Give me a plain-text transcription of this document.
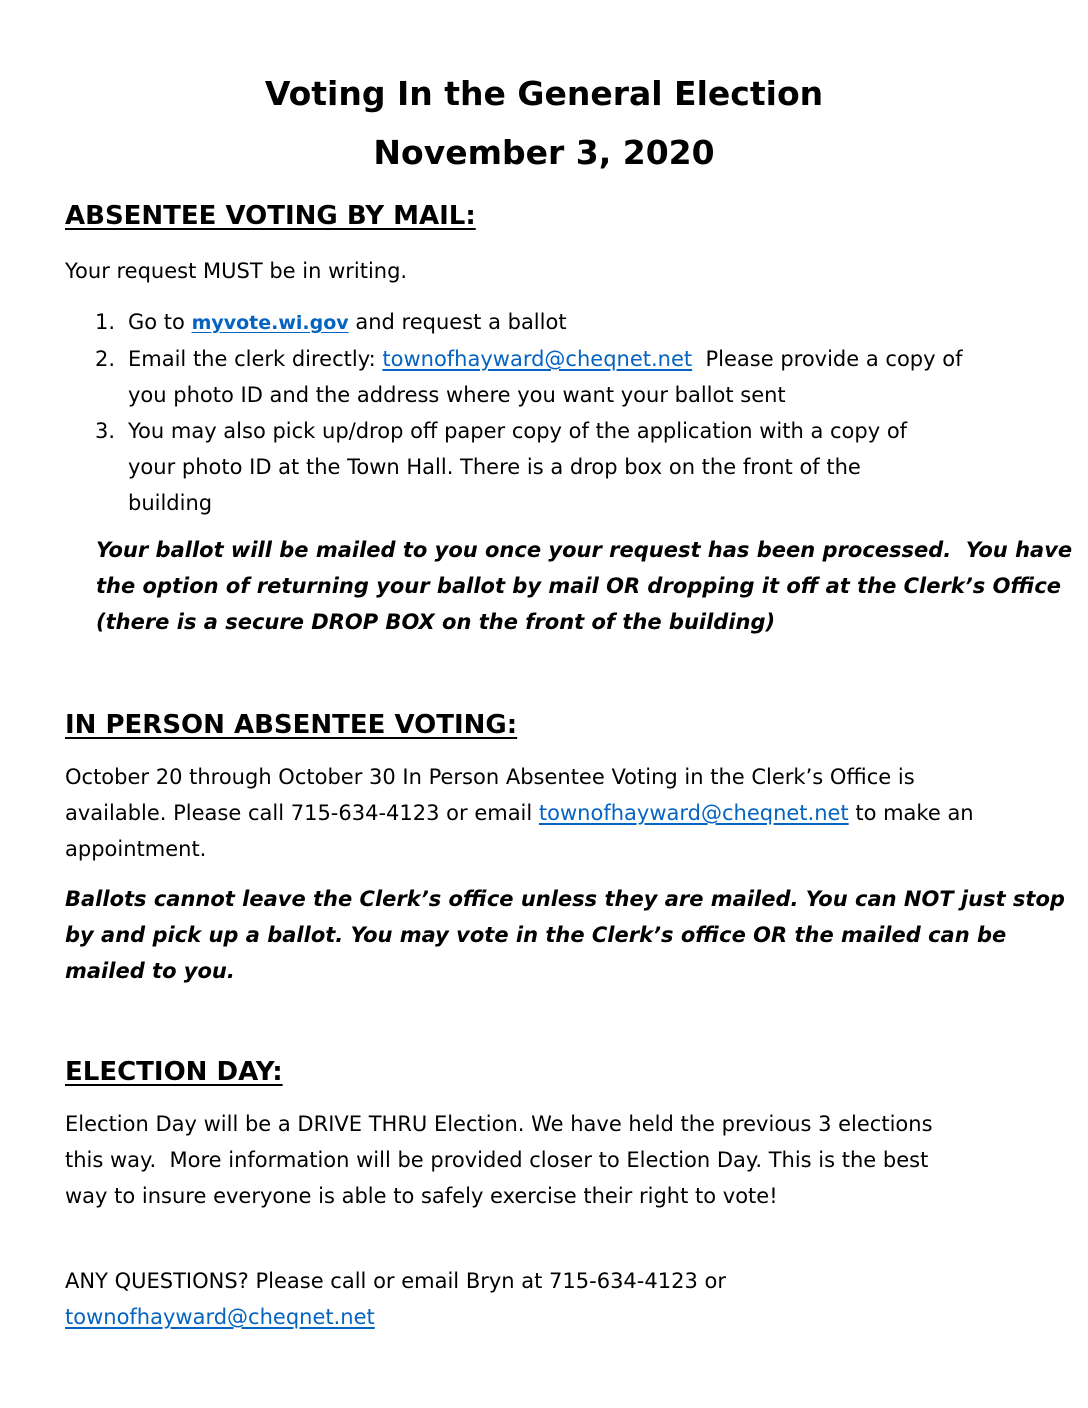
Voting In the General Election
November 3, 2020
ABSENTEE VOTING BY MAIL:

Your request MUST be in writing.

1. Go to myvote.wi.gov and request a ballot
2. Email the clerk directly: townofhayward@cheqnet.net  Please provide a copy of
you photo ID and the address where you want your ballot sent
3. You may also pick up/drop off paper copy of the application with a copy of
your photo ID at the Town Hall. There is a drop box on the front of the
building
Your ballot will be mailed to you once your request has been processed.  You have
the option of returning your ballot by mail OR dropping it off at the Clerk’s Office
(there is a secure DROP BOX on the front of the building)
IN PERSON ABSENTEE VOTING:
October 20 through October 30 In Person Absentee Voting in the Clerk’s Office is
available. Please call 715-634-4123 or email townofhayward@cheqnet.net to make an
appointment.
Ballots cannot leave the Clerk’s office unless they are mailed. You can NOT just stop
by and pick up a ballot. You may vote in the Clerk’s office OR the mailed can be
mailed to you.
ELECTION DAY:
Election Day will be a DRIVE THRU Election. We have held the previous 3 elections
this way.  More information will be provided closer to Election Day. This is the best
way to insure everyone is able to safely exercise their right to vote!
ANY QUESTIONS? Please call or email Bryn at 715-634-4123 or
townofhayward@cheqnet.net
